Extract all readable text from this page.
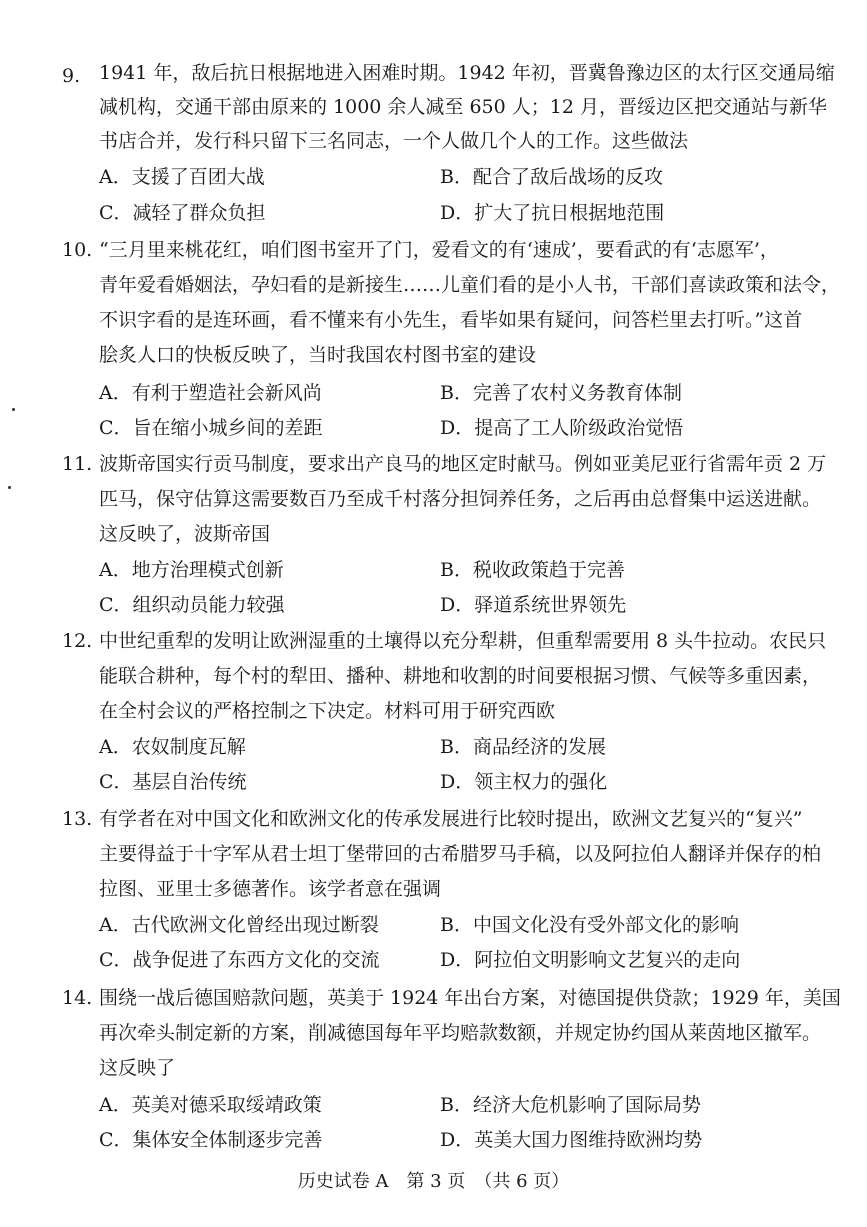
9. 1941 年，敌后抗日根据地进入困难时期。1942 年初，晋冀鲁豫边区的太行区交通局缩
减机构，交通干部由原来的 1000 余人减至 650 人；12 月，晋绥边区把交通站与新华
书店合并，发行科只留下三名同志，一个人做几个人的工作。这些做法
A．支援了百团大战	B．配合了敌后战场的反攻
C．减轻了群众负担	D．扩大了抗日根据地范围
10. “三月里来桃花红，咱们图书室开了门，爱看文的有‘速成’，要看武的有‘志愿军’，
青年爱看婚姻法，孕妇看的是新接生……儿童们看的是小人书，干部们喜读政策和法令，
不识字看的是连环画，看不懂来有小先生，看毕如果有疑问，问答栏里去打听。”这首
脍炙人口的快板反映了，当时我国农村图书室的建设
A．有利于塑造社会新风尚	B．完善了农村义务教育体制
C．旨在缩小城乡间的差距	D．提高了工人阶级政治觉悟
11. 波斯帝国实行贡马制度，要求出产良马的地区定时献马。例如亚美尼亚行省需年贡 2 万
匹马，保守估算这需要数百乃至成千村落分担饲养任务，之后再由总督集中运送进献。
这反映了，波斯帝国
A．地方治理模式创新	B．税收政策趋于完善
C．组织动员能力较强	D．驿道系统世界领先
12. 中世纪重犁的发明让欧洲湿重的土壤得以充分犁耕，但重犁需要用 8 头牛拉动。农民只
能联合耕种，每个村的犁田、播种、耕地和收割的时间要根据习惯、气候等多重因素，
在全村会议的严格控制之下决定。材料可用于研究西欧
A．农奴制度瓦解	B．商品经济的发展
C．基层自治传统	D．领主权力的强化
13. 有学者在对中国文化和欧洲文化的传承发展进行比较时提出，欧洲文艺复兴的“复兴”
主要得益于十字军从君士坦丁堡带回的古希腊罗马手稿，以及阿拉伯人翻译并保存的柏
拉图、亚里士多德著作。该学者意在强调
A．古代欧洲文化曾经出现过断裂	B．中国文化没有受外部文化的影响
C．战争促进了东西方文化的交流	D．阿拉伯文明影响文艺复兴的走向
14. 围绕一战后德国赔款问题，英美于 1924 年出台方案，对德国提供贷款；1929 年，美国
再次牵头制定新的方案，削减德国每年平均赔款数额，并规定协约国从莱茵地区撤军。
这反映了
A．英美对德采取绥靖政策	B．经济大危机影响了国际局势
C．集体安全体制逐步完善	D．英美大国力图维持欧洲均势
历史试卷 A　第 3 页　（共 6 页）
